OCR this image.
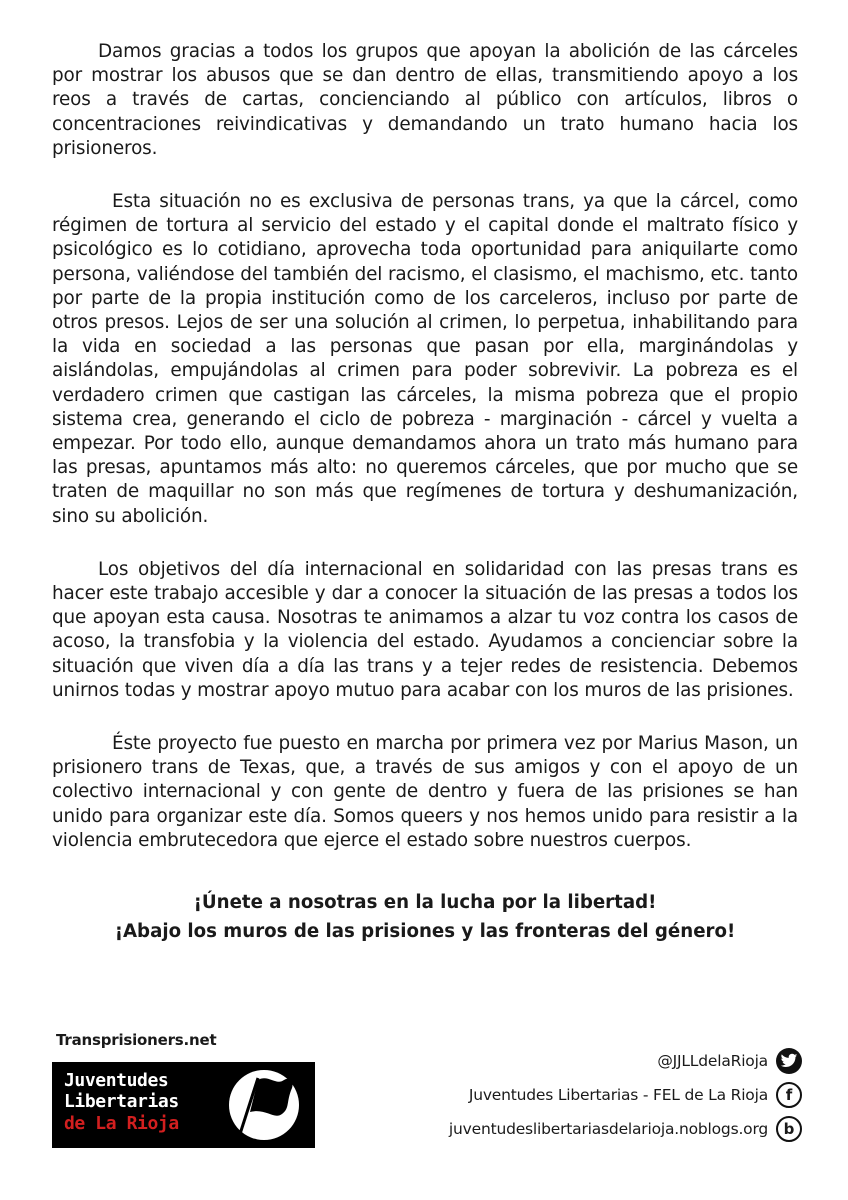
Damos gracias a todos los grupos que apoyan la abolición de las cárceles por mostrar los abusos que se dan dentro de ellas, transmitiendo apoyo a los reos a través de cartas, concienciando al público con artículos, libros o concentraciones reivindicativas y demandando un trato humano hacia los prisioneros.

Esta situación no es exclusiva de personas trans, ya que la cárcel, como régimen de tortura al servicio del estado y el capital donde el maltrato físico y psicológico es lo cotidiano, aprovecha toda oportunidad para aniquilarte como persona, valiéndose del también del racismo, el clasismo, el machismo, etc. tanto por parte de la propia institución como de los carceleros, incluso por parte de otros presos. Lejos de ser una solución al crimen, lo perpetua, inhabilitando para la vida en sociedad a las personas que pasan por ella, marginándolas y aislándolas, empujándolas al crimen para poder sobrevivir. La pobreza es el verdadero crimen que castigan las cárceles, la misma pobreza que el propio sistema crea, generando el ciclo de pobreza - marginación - cárcel y vuelta a empezar. Por todo ello, aunque demandamos ahora un trato más humano para las presas, apuntamos más alto: no queremos cárceles, que por mucho que se traten de maquillar no son más que regímenes de tortura y deshumanización, sino su abolición.

Los objetivos del día internacional en solidaridad con las presas trans es hacer este trabajo accesible y dar a conocer la situación de las presas a todos los que apoyan esta causa. Nosotras te animamos a alzar tu voz contra los casos de acoso, la transfobia y la violencia del estado. Ayudamos a concienciar sobre la situación que viven día a día las trans y a tejer redes de resistencia. Debemos unirnos todas y mostrar apoyo mutuo para acabar con los muros de las prisiones.

Éste proyecto fue puesto en marcha por primera vez por Marius Mason, un prisionero trans de Texas, que, a través de sus amigos y con el apoyo de un colectivo internacional y con gente de dentro y fuera de las prisiones se han unido para organizar este día. Somos queers y nos hemos unido para resistir a la violencia embrutecedora que ejerce el estado sobre nuestros cuerpos.

¡Únete a nosotras en la lucha por la libertad!
¡Abajo los muros de las prisiones y las fronteras del género!
Transprisioners.net
Juventudes
Libertarias
de La Rioja
@JJLLdelaRioja
Juventudes Libertarias - FEL de La Rioja	f
juventudeslibertariasdelarioja.noblogs.org	b
